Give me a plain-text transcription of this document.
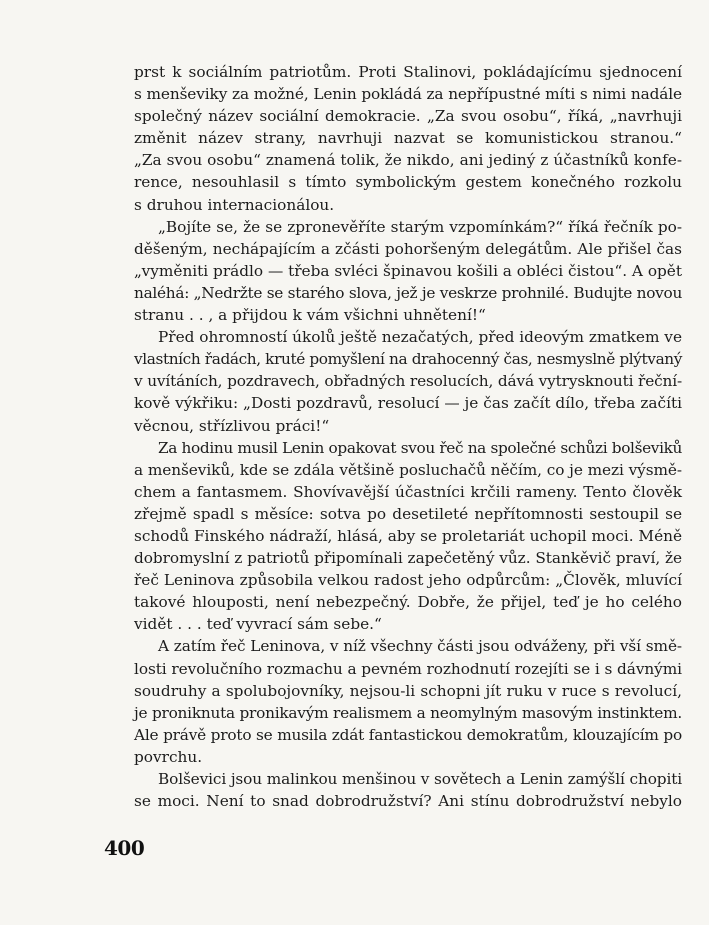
prst k sociálním patriotům. Proti Stalinovi, pokládajícímu sjednocení
s menševiky za možné, Lenin pokládá za nepřípustné míti s nimi nadále
společný název sociální demokracie. „Za svou osobu“, říká, „navrhuji
změnit název strany, navrhuji nazvat se komunistickou stranou.“
„Za svou osobu“ znamená tolik, že nikdo, ani jediný z účastníků konfe-
rence, nesouhlasil s tímto symbolickým gestem konečného rozkolu
s druhou internacionálou.
„Bojíte se, že se zpronevěříte starým vzpomínkám?“ říká řečník po-
děšeným, nechápajícím a zčásti pohoršeným delegátům. Ale přišel čas
„vyměniti prádlo — třeba svléci špinavou košili a obléci čistou“. A opět
naléhá: „Nedržte se starého slova, jež je veskrze prohnilé. Budujte novou
stranu . . , a přijdou k vám všichni uhnětení!“
Před ohromností úkolů ještě nezačatých, před ideovým zmatkem ve
vlastních řadách, kruté pomyšlení na drahocenný čas, nesmyslně plýtvaný
v uvítáních, pozdravech, obřadných resolucích, dává vytrysknouti řeční-
kově výkřiku: „Dosti pozdravů, resolucí — je čas začít dílo, třeba začíti
věcnou, střízlivou práci!“
Za hodinu musil Lenin opakovat svou řeč na společné schůzi bolševiků
a menševiků, kde se zdála většině posluchačů něčím, co je mezi výsmě-
chem a fantasmem. Shovívavější účastníci krčili rameny. Tento člověk
zřejmě spadl s měsíce: sotva po desetileté nepřítomnosti sestoupil se
schodů Finského nádraží, hlásá, aby se proletariát uchopil moci. Méně
dobromyslní z patriotů připomínali zapečetěný vůz. Stankěvič praví, že
řeč Leninova způsobila velkou radost jeho odpůrcům: „Člověk, mluvící
takové hlouposti, není nebezpečný. Dobře, že přijel, teď je ho celého
vidět . . . teď vyvrací sám sebe.“
A zatím řeč Leninova, v níž všechny části jsou odváženy, při vší smě-
losti revolučního rozmachu a pevném rozhodnutí rozejíti se i s dávnými
soudruhy a spolubojovníky, nejsou-li schopni jít ruku v ruce s revolucí,
je proniknuta pronikavým realismem a neomylným masovým instinktem.
Ale právě proto se musila zdát fantastickou demokratům, klouzajícím po
povrchu.
Bolševici jsou malinkou menšinou v sovětech a Lenin zamýšlí chopiti
se moci. Není to snad dobrodružství? Ani stínu dobrodružství nebylo
400
